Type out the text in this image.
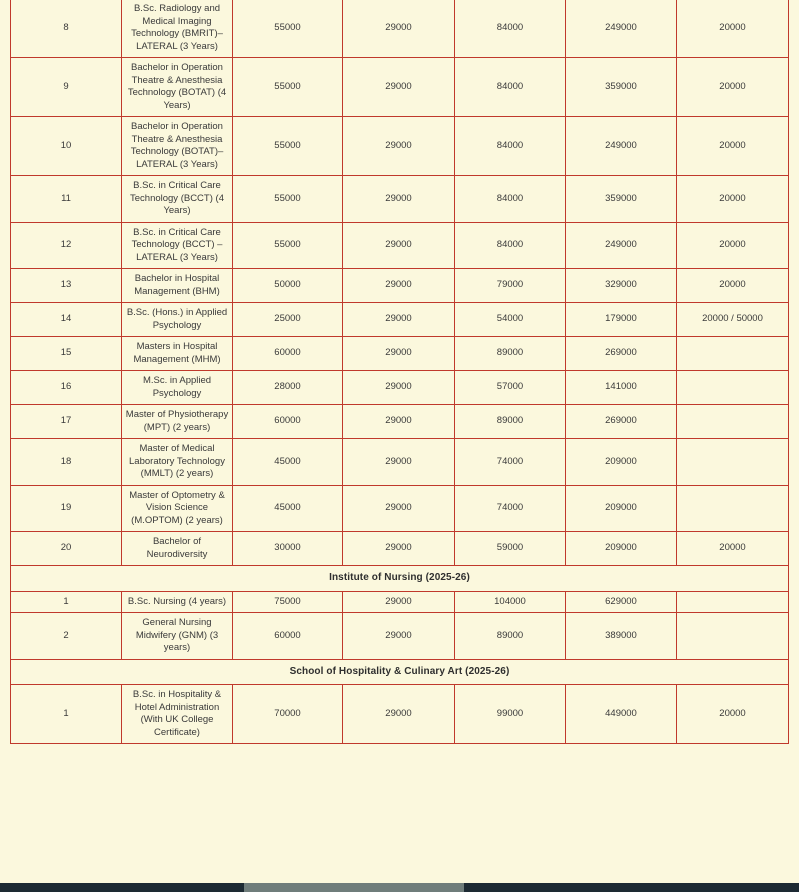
8	B.Sc. Radiology and Medical Imaging Technology (BMRIT)– LATERAL (3 Years)	55000	29000	84000	249000	20000
9	Bachelor in Operation Theatre & Anesthesia Technology (BOTAT) (4 Years)	55000	29000	84000	359000	20000
10	Bachelor in Operation Theatre & Anesthesia Technology (BOTAT)– LATERAL (3 Years)	55000	29000	84000	249000	20000
11	B.Sc. in Critical Care Technology (BCCT) (4 Years)	55000	29000	84000	359000	20000
12	B.Sc. in Critical Care Technology (BCCT) – LATERAL (3 Years)	55000	29000	84000	249000	20000
13	Bachelor in Hospital Management (BHM)	50000	29000	79000	329000	20000
14	B.Sc. (Hons.) in Applied Psychology	25000	29000	54000	179000	20000 / 50000
15	Masters in Hospital Management (MHM)	60000	29000	89000	269000	
16	M.Sc. in Applied Psychology	28000	29000	57000	141000	
17	Master of Physiotherapy (MPT) (2 years)	60000	29000	89000	269000	
18	Master of Medical Laboratory Technology (MMLT) (2 years)	45000	29000	74000	209000	
19	Master of Optometry & Vision Science (M.OPTOM) (2 years)	45000	29000	74000	209000	
20	Bachelor of Neurodiversity	30000	29000	59000	209000	20000
Institute of Nursing (2025-26)						
1	B.Sc. Nursing (4 years)	75000	29000	104000	629000	
2	General Nursing Midwifery (GNM) (3 years)	60000	29000	89000	389000	
School of Hospitality & Culinary Art (2025-26)						
1	B.Sc. in Hospitality & Hotel Administration (With UK College Certificate)	70000	29000	99000	449000	20000
